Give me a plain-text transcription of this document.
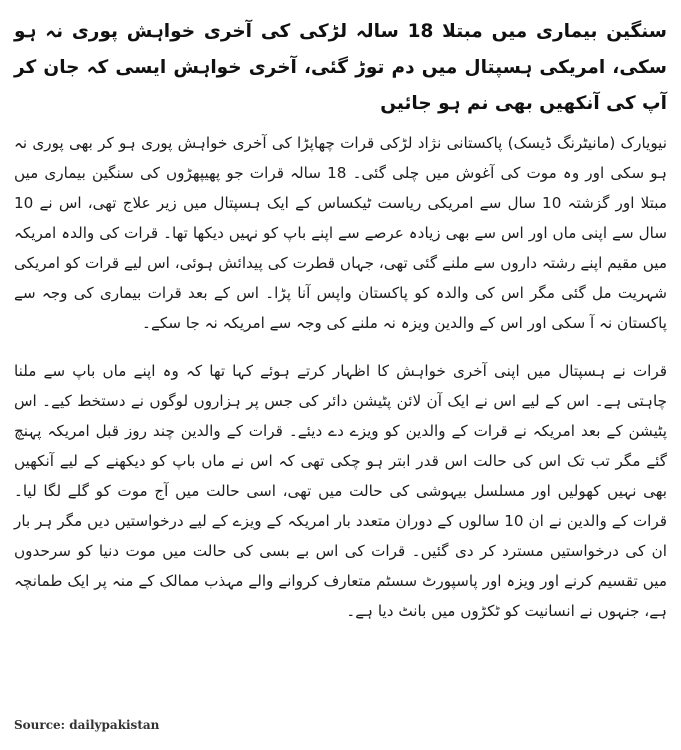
سنگین بیماری میں مبتلا 18 سالہ لڑکی کی آخری خواہش پوری نہ ہو سکی، امریکی ہسپتال میں دم توڑ گئی، آخری خواہش ایسی کہ جان کر آپ کی آنکھیں بھی نم ہو جائیں

نیویارک (مانیٹرنگ ڈیسک) پاکستانی نژاد لڑکی قرات چھاپڑا کی آخری خواہش پوری ہو کر بھی پوری نہ ہو سکی اور وہ موت کی آغوش میں چلی گئی۔ 18 سالہ قرات جو پھیپھڑوں کی سنگین بیماری میں مبتلا اور گزشتہ 10 سال سے امریکی ریاست ٹیکساس کے ایک ہسپتال میں زیر علاج تھی، اس نے 10 سال سے اپنی ماں اور اس سے بھی زیادہ عرصے سے اپنے باپ کو نہیں دیکھا تھا۔ قرات کی والدہ امریکہ میں مقیم اپنے رشتہ داروں سے ملنے گئی تھی، جہاں قطرت کی پیدائش ہوئی، اس لیے قرات کو امریکی شہریت مل گئی مگر اس کی والدہ کو پاکستان واپس آنا پڑا۔ اس کے بعد قرات بیماری کی وجہ سے پاکستان نہ آ سکی اور اس کے والدین ویزہ نہ ملنے کی وجہ سے امریکہ نہ جا سکے۔

قرات نے ہسپتال میں اپنی آخری خواہش کا اظہار کرتے ہوئے کہا تھا کہ وہ اپنے ماں باپ سے ملنا چاہتی ہے۔ اس کے لیے اس نے ایک آن لائن پٹیشن دائر کی جس پر ہزاروں لوگوں نے دستخط کیے۔ اس پٹیشن کے بعد امریکہ نے قرات کے والدین کو ویزے دے دیئے۔ قرات کے والدین چند روز قبل امریکہ پہنچ گئے مگر تب تک اس کی حالت اس قدر ابتر ہو چکی تھی کہ اس نے ماں باپ کو دیکھنے کے لیے آنکھیں بھی نہیں کھولیں اور مسلسل بیہوشی کی حالت میں تھی، اسی حالت میں آج موت کو گلے لگا لیا۔ قرات کے والدین نے ان 10 سالوں کے دوران متعدد بار امریکہ کے ویزے کے لیے درخواستیں دیں مگر ہر بار ان کی درخواستیں مسترد کر دی گئیں۔ قرات کی اس بے بسی کی حالت میں موت دنیا کو سرحدوں میں تقسیم کرنے اور ویزہ اور پاسپورٹ سسٹم متعارف کروانے والے مہذب ممالک کے منہ پر ایک طمانچہ ہے، جنہوں نے انسانیت کو ٹکڑوں میں بانٹ دیا ہے۔

Source: dailypakistan
